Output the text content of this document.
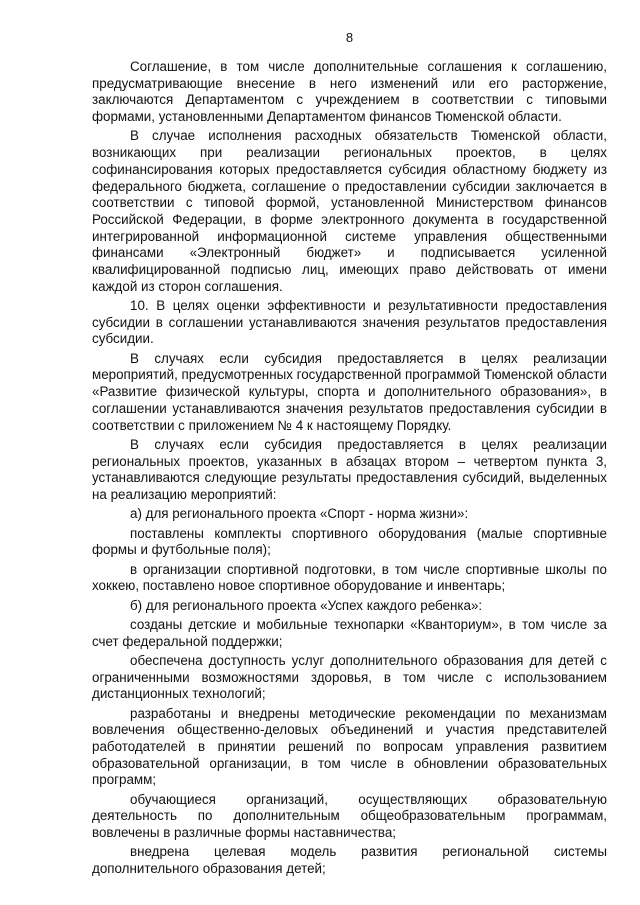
8

Соглашение, в том числе дополнительные соглашения к соглашению, предусматривающие внесение в него изменений или его расторжение, заключаются Департаментом с учреждением в соответствии с типовыми формами, установленными Департаментом финансов Тюменской области.

В случае исполнения расходных обязательств Тюменской области, возникающих при реализации региональных проектов, в целях софинансирования которых предоставляется субсидия областному бюджету из федерального бюджета, соглашение о предоставлении субсидии заключается в соответствии с типовой формой, установленной Министерством финансов Российской Федерации, в форме электронного документа в государственной интегрированной информационной системе управления общественными финансами «Электронный бюджет» и подписывается усиленной квалифицированной подписью лиц, имеющих право действовать от имени каждой из сторон соглашения.

10. В целях оценки эффективности и результативности предоставления субсидии в соглашении устанавливаются значения результатов предоставления субсидии.

В случаях если субсидия предоставляется в целях реализации мероприятий, предусмотренных государственной программой Тюменской области «Развитие физической культуры, спорта и дополнительного образования», в соглашении устанавливаются значения результатов предоставления субсидии в соответствии с приложением № 4 к настоящему Порядку.

В случаях если субсидия предоставляется в целях реализации региональных проектов, указанных в абзацах втором – четвертом пункта 3, устанавливаются следующие результаты предоставления субсидий, выделенных на реализацию мероприятий:

а) для регионального проекта «Спорт - норма жизни»:

поставлены комплекты спортивного оборудования (малые спортивные формы и футбольные поля);

в организации спортивной подготовки, в том числе спортивные школы по хоккею, поставлено новое спортивное оборудование и инвентарь;

б) для регионального проекта «Успех каждого ребенка»:

созданы детские и мобильные технопарки «Кванториум», в том числе за счет федеральной поддержки;

обеспечена доступность услуг дополнительного образования для детей с ограниченными возможностями здоровья, в том числе с использованием дистанционных технологий;

разработаны и внедрены методические рекомендации по механизмам вовлечения общественно-деловых объединений и участия представителей работодателей в принятии решений по вопросам управления развитием образовательной организации, в том числе в обновлении образовательных программ;

обучающиеся организаций, осуществляющих образовательную деятельность по дополнительным общеобразовательным программам, вовлечены в различные формы наставничества;

внедрена целевая модель развития региональной системы дополнительного образования детей;
